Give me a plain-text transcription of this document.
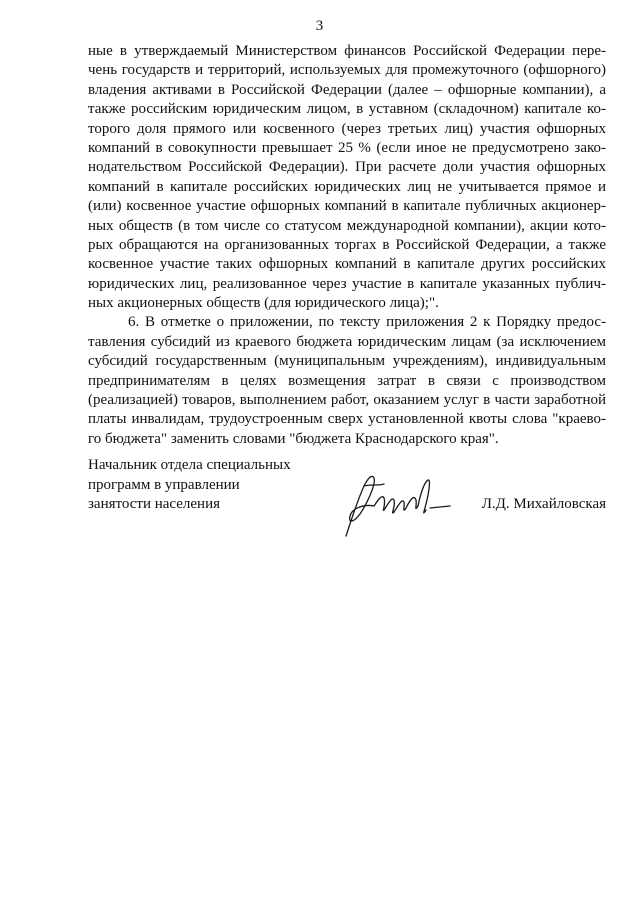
3
ные в утверждаемый Министерством финансов Российской Федерации пере-
чень государств и территорий, используемых для промежуточного (офшорного)
владения активами в Российской Федерации (далее – офшорные компании), а
также российским юридическим лицом, в уставном (складочном) капитале ко-
торого доля прямого или косвенного (через третьих лиц) участия офшорных
компаний в совокупности превышает 25 % (если иное не предусмотрено зако-
нодательством Российской Федерации). При расчете доли участия офшорных
компаний в капитале российских юридических лиц не учитывается прямое и
(или) косвенное участие офшорных компаний в капитале публичных акционер-
ных обществ (в том числе со статусом международной компании), акции кото-
рых обращаются на организованных торгах в Российской Федерации, а также
косвенное участие таких офшорных компаний в капитале других российских
юридических лиц, реализованное через участие в капитале указанных публич-
ных акционерных обществ (для юридического лица);".
6. В отметке о приложении, по тексту приложения 2 к Порядку предос-
тавления субсидий из краевого бюджета юридическим лицам (за исключением
субсидий государственным (муниципальным учреждениям), индивидуальным
предпринимателям в целях возмещения затрат в связи с производством
(реализацией) товаров, выполнением работ, оказанием услуг в части заработной
платы инвалидам, трудоустроенным сверх установленной квоты слова "краево-
го бюджета" заменить словами "бюджета Краснодарского края".
Начальник отдела специальных
программ в управлении
занятости населения	Л.Д. Михайловская
